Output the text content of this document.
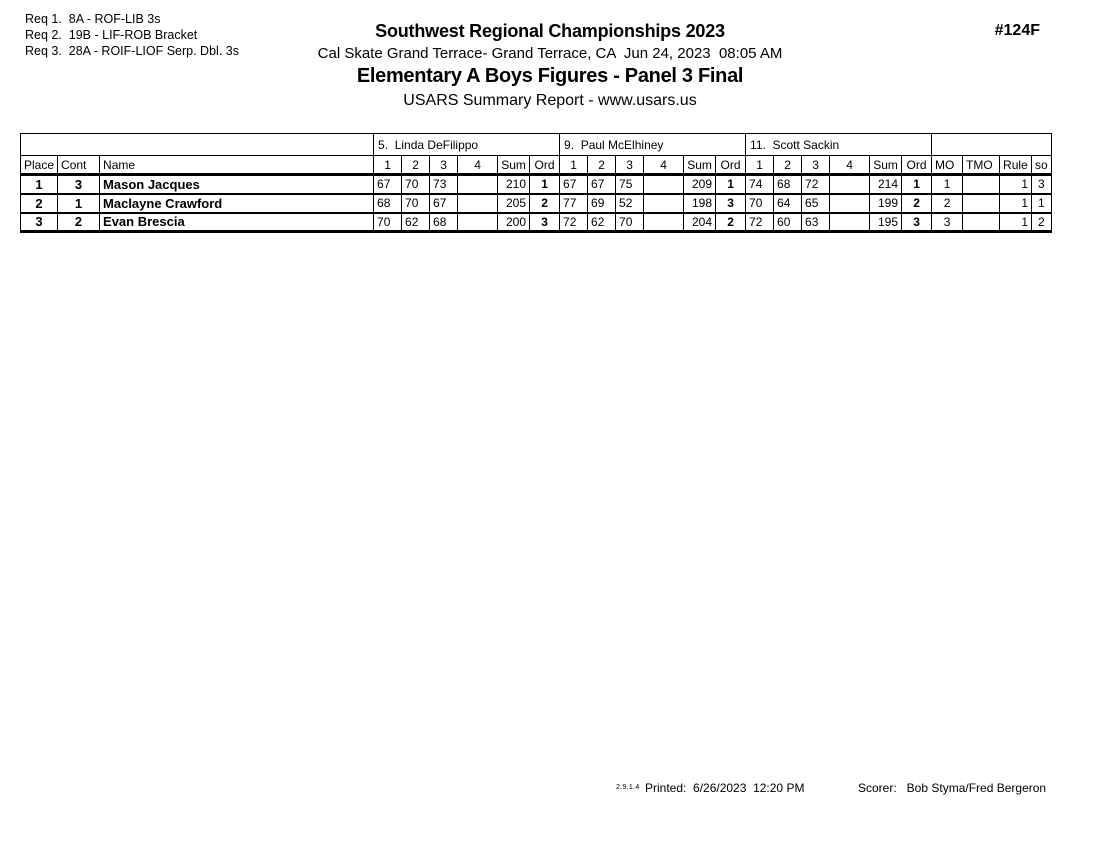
Req 1.  8A - ROF-LIB 3s
Req 2.  19B - LIF-ROB Bracket
Req 3.  28A - ROIF-LIOF Serp. Dbl. 3s
Southwest Regional Championships 2023
Cal Skate Grand Terrace- Grand Terrace, CA  Jun 24, 2023  08:05 AM
Elementary A Boys Figures - Panel 3 Final
USARS Summary Report - www.usars.us
#124F
			5.  Linda DeFilippo						9.  Paul McElhiney						11.  Scott Sackin									
Place	Cont	Name	1	2	3	4	Sum	Ord	1	2	3	4	Sum	Ord	1	2	3	4	Sum	Ord	MO	TMO	Rule	so
1	3	Mason Jacques	67	70	73		210	1	67	67	75		209	1	74	68	72		214	1	1		1	3
2	1	Maclayne Crawford	68	70	67		205	2	77	69	52		198	3	70	64	65		199	2	2		1	1
3	2	Evan Brescia	70	62	68		200	3	72	62	70		204	2	72	60	63		195	3	3		1	2
2.9.1.4 Printed:  6/26/2023  12:20 PM	Scorer:   Bob Styma/Fred Bergeron
